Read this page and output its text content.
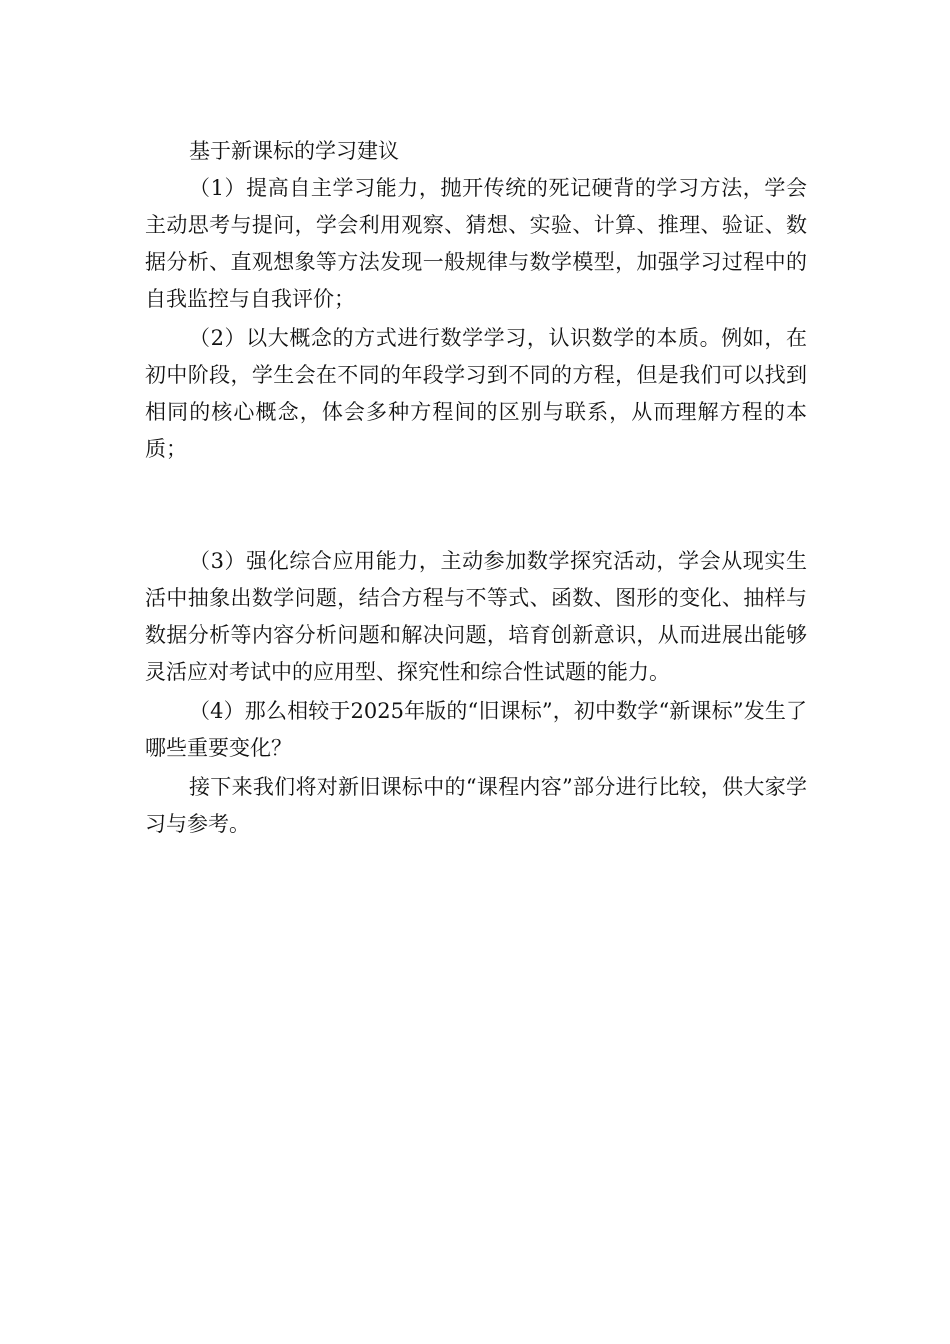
基于新课标的学习建议

（1）提高自主学习能力，抛开传统的死记硬背的学习方法，学会主动思考与提问，学会利用观察、猜想、实验、计算、推理、验证、数据分析、直观想象等方法发现一般规律与数学模型，加强学习过程中的自我监控与自我评价；

（2）以大概念的方式进行数学学习，认识数学的本质。例如，在初中阶段，学生会在不同的年段学习到不同的方程，但是我们可以找到相同的核心概念，体会多种方程间的区别与联系，从而理解方程的本质；

（3）强化综合应用能力，主动参加数学探究活动，学会从现实生活中抽象出数学问题，结合方程与不等式、函数、图形的变化、抽样与数据分析等内容分析问题和解决问题，培育创新意识，从而进展出能够灵活应对考试中的应用型、探究性和综合性试题的能力。

（4）那么相较于2025年版的“旧课标”，初中数学“新课标”发生了哪些重要变化？

接下来我们将对新旧课标中的“课程内容”部分进行比较，供大家学习与参考。
